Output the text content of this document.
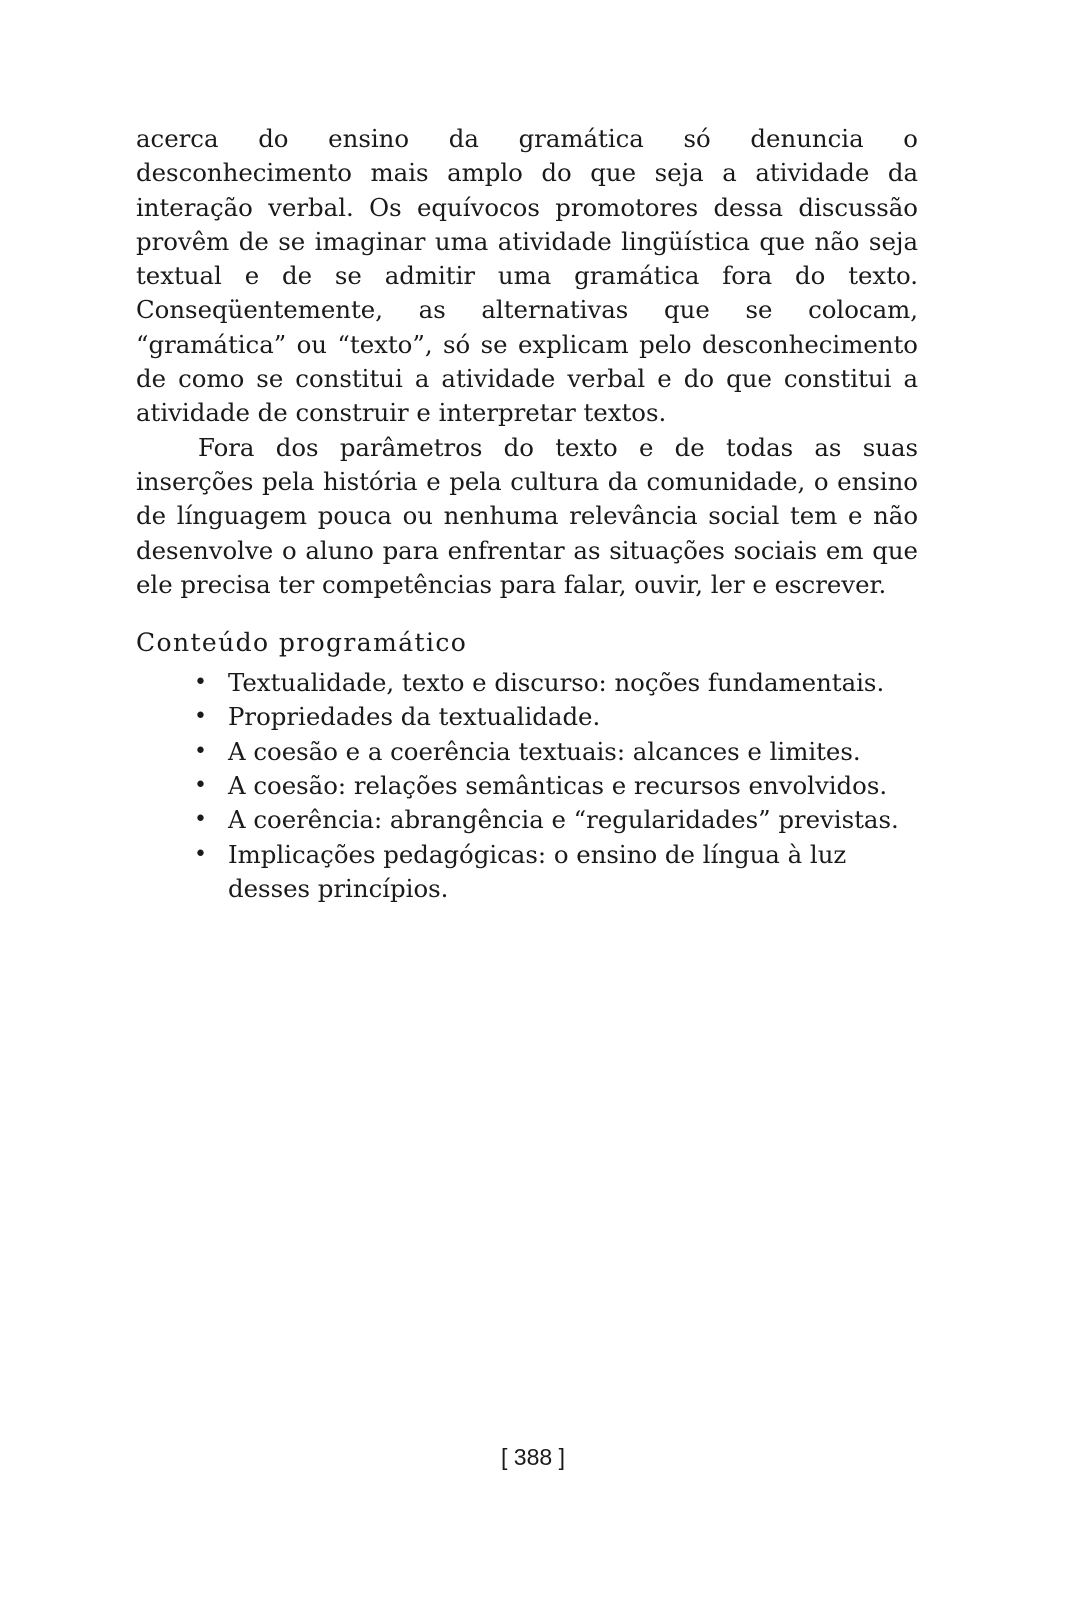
acerca do ensino da gramática só denuncia o desconhecimento mais amplo do que seja a atividade da interação verbal. Os equívocos promotores dessa discussão provêm de se imaginar uma atividade lingüística que não seja textual e de se admitir uma gramática fora do texto. Conseqüentemente, as alternativas que se colocam, “gramática” ou “texto”, só se explicam pelo desconhecimento de como se constitui a atividade verbal e do que constitui a atividade de construir e interpretar textos.

Fora dos parâmetros do texto e de todas as suas inserções pela história e pela cultura da comunidade, o ensino de línguagem pouca ou nenhuma relevância social tem e não desenvolve o aluno para enfrentar as situações sociais em que ele precisa ter competências para falar, ouvir, ler e escrever.

Conteúdo programático
• Textualidade, texto e discurso: noções fundamentais.
• Propriedades da textualidade.
• A coesão e a coerência textuais: alcances e limites.
• A coesão: relações semânticas e recursos envolvidos.
• A coerência: abrangência e “regularidades” previstas.
• Implicações pedagógicas: o ensino de língua à luz desses princípios.
[ 388 ]
